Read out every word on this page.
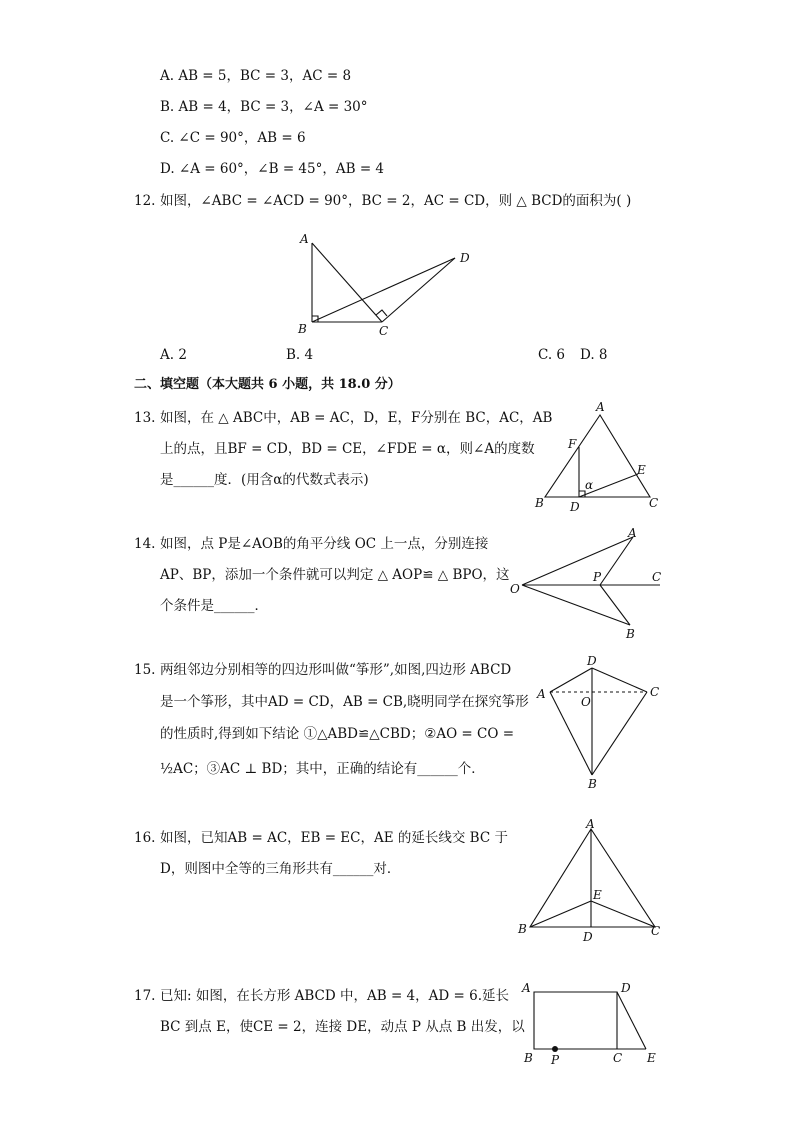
A. AB = 5，BC = 3，AC = 8
B. AB = 4，BC = 3，∠A = 30°
C. ∠C = 90°，AB = 6
D. ∠A = 60°，∠B = 45°，AB = 4
12. 如图，∠ABC = ∠ACD = 90°，BC = 2，AC = CD，则 △ BCD的面积为( )
A
B	C
D
A. 2	B. 4	C. 6 D. 8
二、填空题（本大题共 6 小题，共 18.0 分）
13. 如图，在 △ ABC中，AB = AC，D，E，F分别在 BC，AC，AB
上的点，且BF = CD，BD = CE，∠FDE = α，则∠A的度数
是______度．(用含α的代数式表示)
A
B	C
D
E
F
α
14. 如图，点 P是∠AOB的角平分线 OC 上一点，分别连接
AP、BP，添加一个条件就可以判定 △ AOP≌ △ BPO，这
个条件是______．
A
B
C
O
P
15. 两组邻边分别相等的四边形叫做“筝形”,如图,四边形 ABCD
是一个筝形，其中AD = CD，AB = CB,晓明同学在探究筝形
的性质时,得到如下结论 ①△ABD≌△CBD；②AO = CO =
½AC；③AC ⊥ BD；其中，正确的结论有______个．
D
A	C
O
B
16. 如图，已知AB = AC，EB = EC，AE 的延长线交 BC 于
D，则图中全等的三角形共有______对．
A
B	C
D
E
17. 已知: 如图，在长方形 ABCD 中，AB = 4，AD = 6.延长
BC 到点 E，使CE = 2，连接 DE，动点 P 从点 B 出发，以
A	D
B P	C E
